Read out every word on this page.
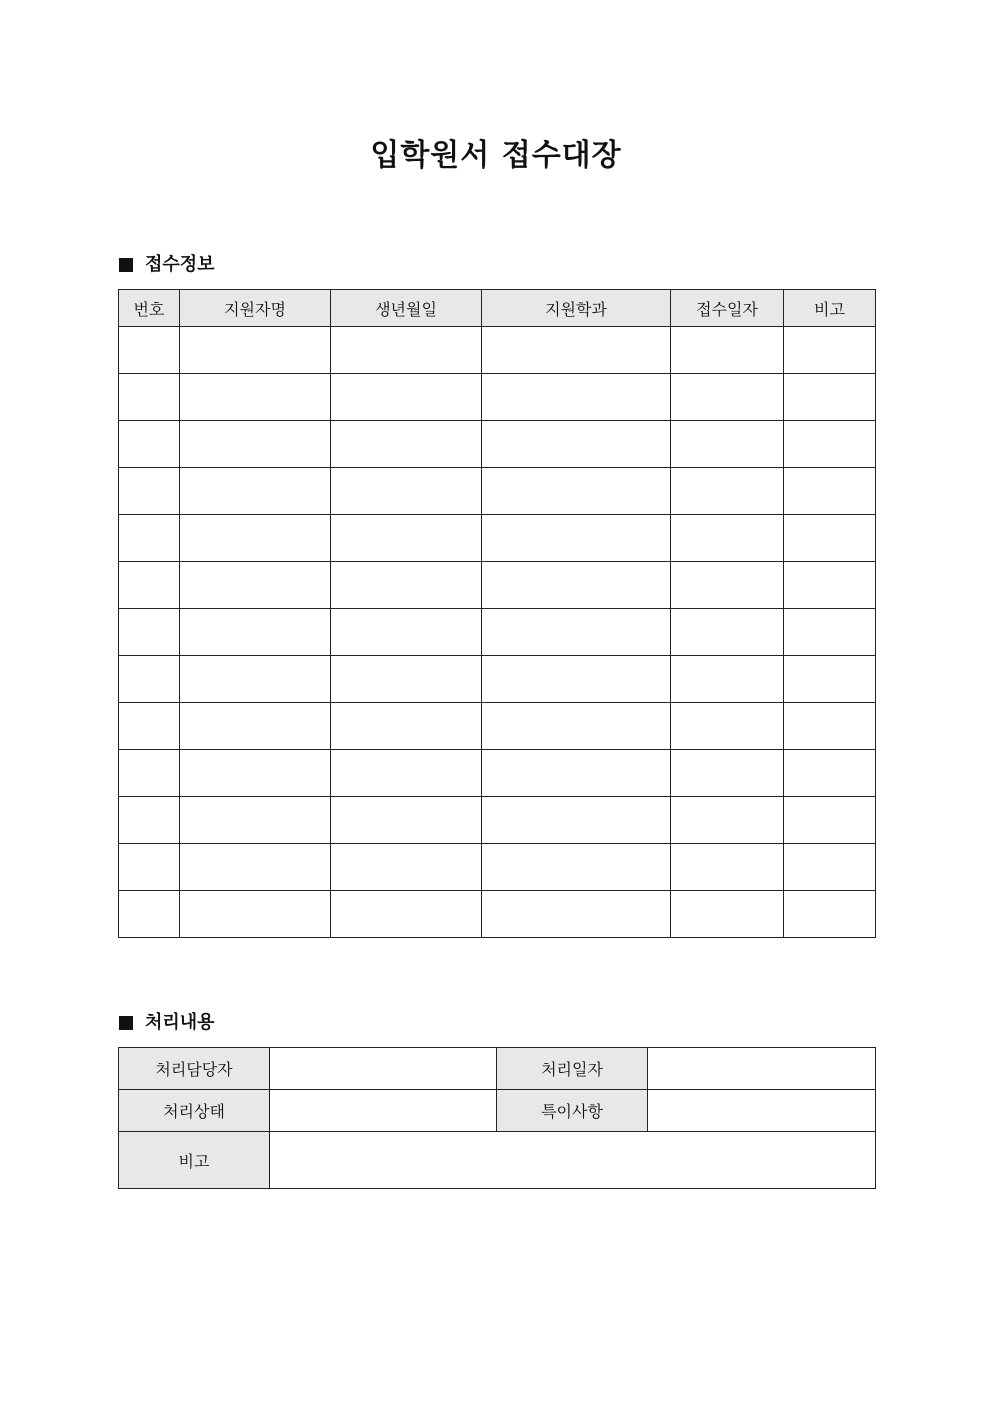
입학원서 접수대장
접수정보
번호	지원자명	생년월일	지원학과	접수일자	비고

처리내용
처리담당자		처리일자	
처리상태		특이사항	
비고			
